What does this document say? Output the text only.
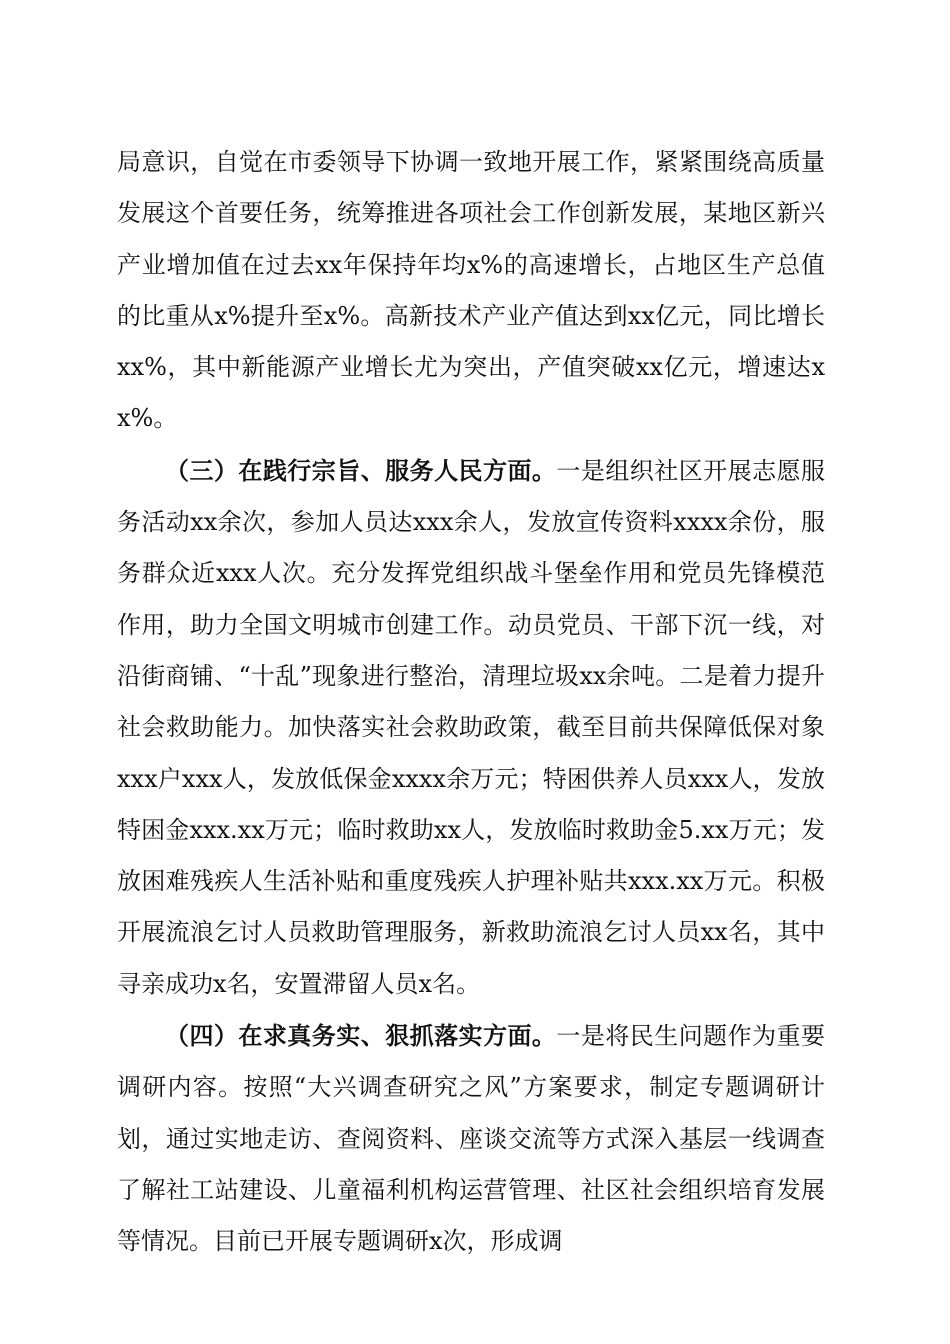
局意识，自觉在市委领导下协调一致地开展工作，紧紧围绕高质量发展这个首要任务，统筹推进各项社会工作创新发展，某地区新兴产业增加值在过去xx年保持年均x%的高速增长，占地区生产总值的比重从x%提升至x%。高新技术产业产值达到xx亿元，同比增长xx%，其中新能源产业增长尤为突出，产值突破xx亿元，增速达xx%。

（三）在践行宗旨、服务人民方面。一是组织社区开展志愿服务活动xx余次，参加人员达xxx余人，发放宣传资料xxxx余份，服务群众近xxx人次。充分发挥党组织战斗堡垒作用和党员先锋模范作用，助力全国文明城市创建工作。动员党员、干部下沉一线，对沿街商铺、“十乱”现象进行整治，清理垃圾xx余吨。二是着力提升社会救助能力。加快落实社会救助政策，截至目前共保障低保对象xxx户xxx人，发放低保金xxxx余万元；特困供养人员xxx人，发放特困金xxx.xx万元；临时救助xx人，发放临时救助金5.xx万元；发放困难残疾人生活补贴和重度残疾人护理补贴共xxx.xx万元。积极开展流浪乞讨人员救助管理服务，新救助流浪乞讨人员xx名，其中寻亲成功x名，安置滞留人员x名。

（四）在求真务实、狠抓落实方面。一是将民生问题作为重要调研内容。按照“大兴调查研究之风”方案要求，制定专题调研计划，通过实地走访、查阅资料、座谈交流等方式深入基层一线调查了解社工站建设、儿童福利机构运营管理、社区社会组织培育发展等情况。目前已开展专题调研x次，形成调
